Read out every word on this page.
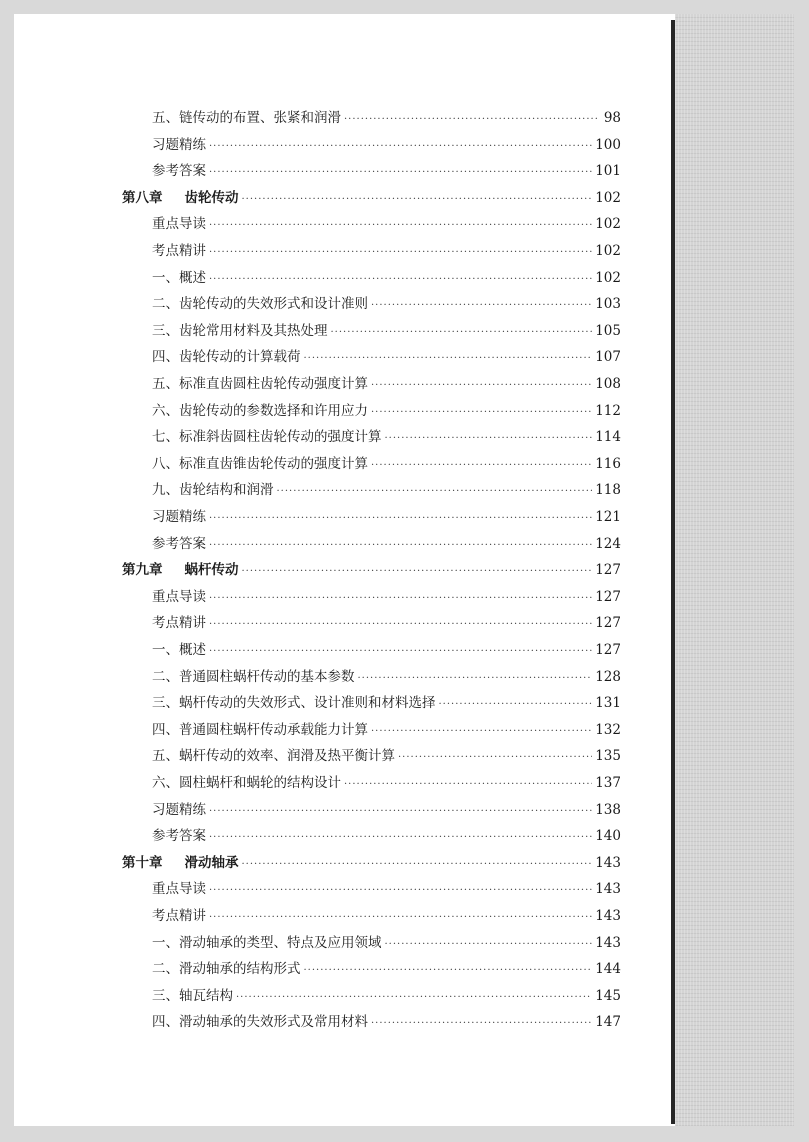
五、链传动的布置、张紧和润滑 ·····	98
习题精练 ·····	100
参考答案 ·····	101
第八章 齿轮传动 ·····	102
重点导读 ·····	102
考点精讲 ·····	102
一、概述 ·····	102
二、齿轮传动的失效形式和设计准则 ·····	103
三、齿轮常用材料及其热处理 ·····	105
四、齿轮传动的计算载荷 ·····	107
五、标准直齿圆柱齿轮传动强度计算 ·····	108
六、齿轮传动的参数选择和许用应力 ·····	112
七、标准斜齿圆柱齿轮传动的强度计算 ·····	114
八、标准直齿锥齿轮传动的强度计算 ·····	116
九、齿轮结构和润滑 ·····	118
习题精练 ·····	121
参考答案 ·····	124
第九章 蜗杆传动 ·····	127
重点导读 ·····	127
考点精讲 ·····	127
一、概述 ·····	127
二、普通圆柱蜗杆传动的基本参数 ·····	128
三、蜗杆传动的失效形式、设计准则和材料选择 ·····	131
四、普通圆柱蜗杆传动承载能力计算 ·····	132
五、蜗杆传动的效率、润滑及热平衡计算 ·····	135
六、圆柱蜗杆和蜗轮的结构设计 ·····	137
习题精练 ·····	138
参考答案 ·····	140
第十章 滑动轴承 ·····	143
重点导读 ·····	143
考点精讲 ·····	143
一、滑动轴承的类型、特点及应用领域 ·····	143
二、滑动轴承的结构形式 ·····	144
三、轴瓦结构 ·····	145
四、滑动轴承的失效形式及常用材料 ·····	147
